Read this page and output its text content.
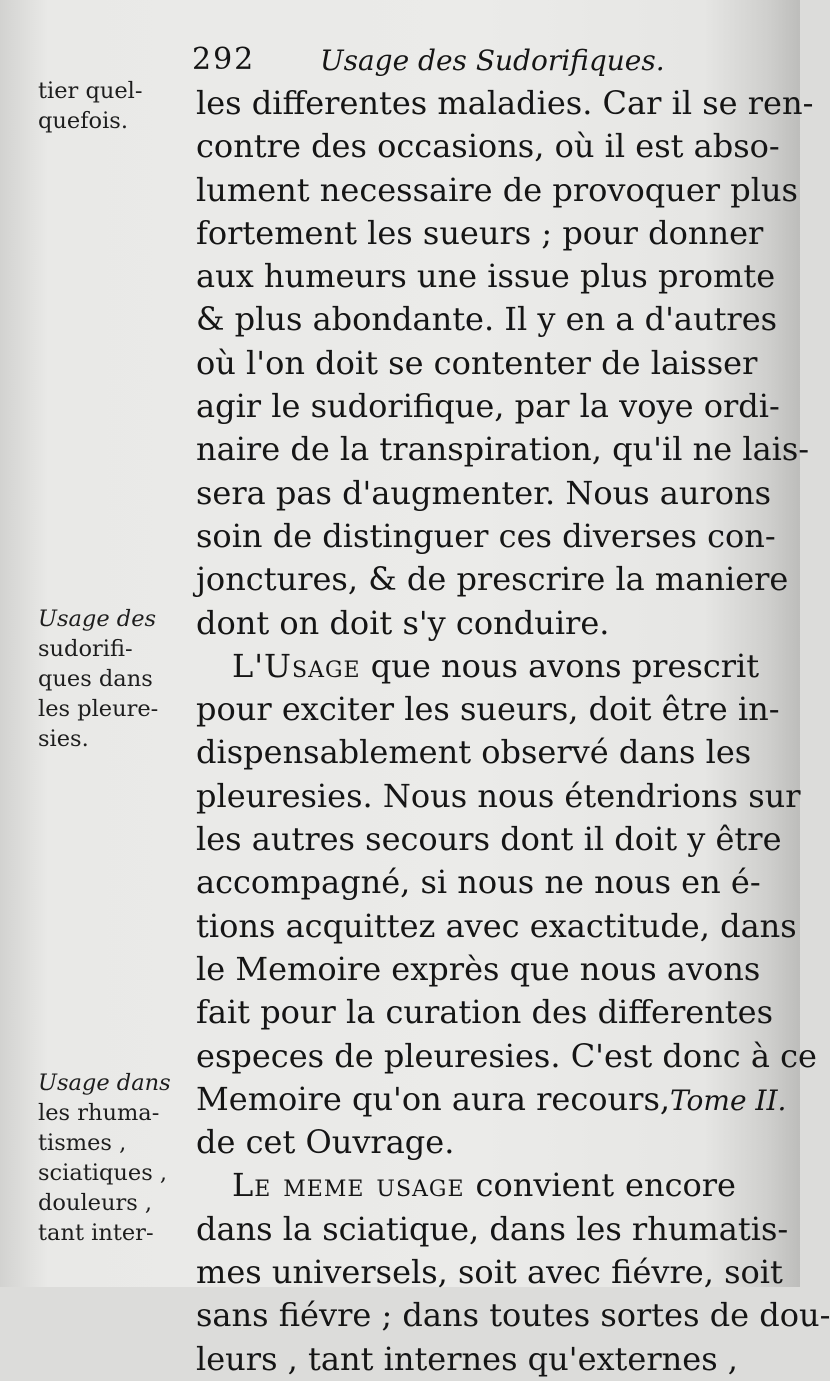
292 Usage des Sudorifiques.
tier quel-
quefois.
Usage des
sudorifi-
ques dans
les pleure-
sies.
Usage dans
les rhuma-
tismes ,
sciatiques ,
douleurs ,
tant inter-
les differentes maladies. Car il se ren-
contre des occasions, où il est abso-
lument necessaire de provoquer plus
fortement les sueurs ; pour donner
aux humeurs une issue plus promte
& plus abondante. Il y en a d'autres
où l'on doit se contenter de laisser
agir le sudorifique, par la voye ordi-
naire de la transpiration, qu'il ne lais-
sera pas d'augmenter. Nous aurons
soin de distinguer ces diverses con-
jonctures, & de prescrire la maniere
dont on doit s'y conduire.
L'Usage que nous avons prescrit
pour exciter les sueurs, doit être in-
dispensablement observé dans les
pleuresies. Nous nous étendrions sur
les autres secours dont il doit y être
accompagné, si nous ne nous en é-
tions acquittez avec exactitude, dans
le Memoire exprès que nous avons
fait pour la curation des differentes
especes de pleuresies. C'est donc à ce
Memoire qu'on aura recours,Tome II.
de cet Ouvrage.
Le meme usage convient encore
dans la sciatique, dans les rhumatis-
mes universels, soit avec fiévre, soit
sans fiévre ; dans toutes sortes de dou-
leurs , tant internes qu'externes ,
